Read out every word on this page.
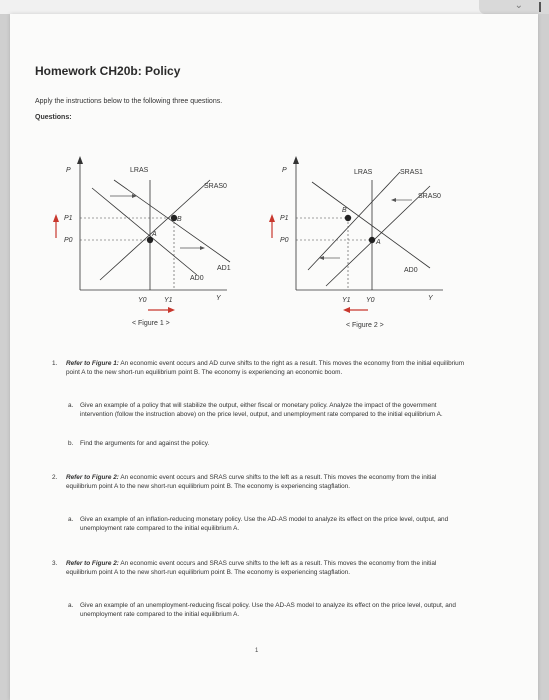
⌄
Homework CH20b: Policy
Apply the instructions below to the following three questions.
Questions:
P	LRAS
SRAS0
AD1
AD0
Y
P1
P0
Y0 Y1
A
B
< Figure 1 >
P	LRAS	SRAS1
SRAS0
AD0
Y
P1
P0
Y1 Y0
A
B
< Figure 2 >
1. Refer to Figure 1: An economic event occurs and AD curve shifts to the right as a result. This moves the economy from the initial equilibrium point A to the new short-run equilibrium point B. The economy is experiencing an economic boom.
a. Give an example of a policy that will stabilize the output, either fiscal or monetary policy. Analyze the impact of the government intervention (follow the instruction above) on the price level, output, and unemployment rate compared to the initial equilibrium A.
b. Find the arguments for and against the policy.
2. Refer to Figure 2: An economic event occurs and SRAS curve shifts to the left as a result. This moves the economy from the initial equilibrium point A to the new short-run equilibrium point B. The economy is experiencing stagflation.
a. Give an example of an inflation-reducing monetary policy. Use the AD-AS model to analyze its effect on the price level, output, and unemployment rate compared to the initial equilibrium A.
3. Refer to Figure 2: An economic event occurs and SRAS curve shifts to the left as a result. This moves the economy from the initial equilibrium point A to the new short-run equilibrium point B. The economy is experiencing stagflation.
a. Give an example of an unemployment-reducing fiscal policy. Use the AD-AS model to analyze its effect on the price level, output, and unemployment rate compared to the initial equilibrium A.
1
